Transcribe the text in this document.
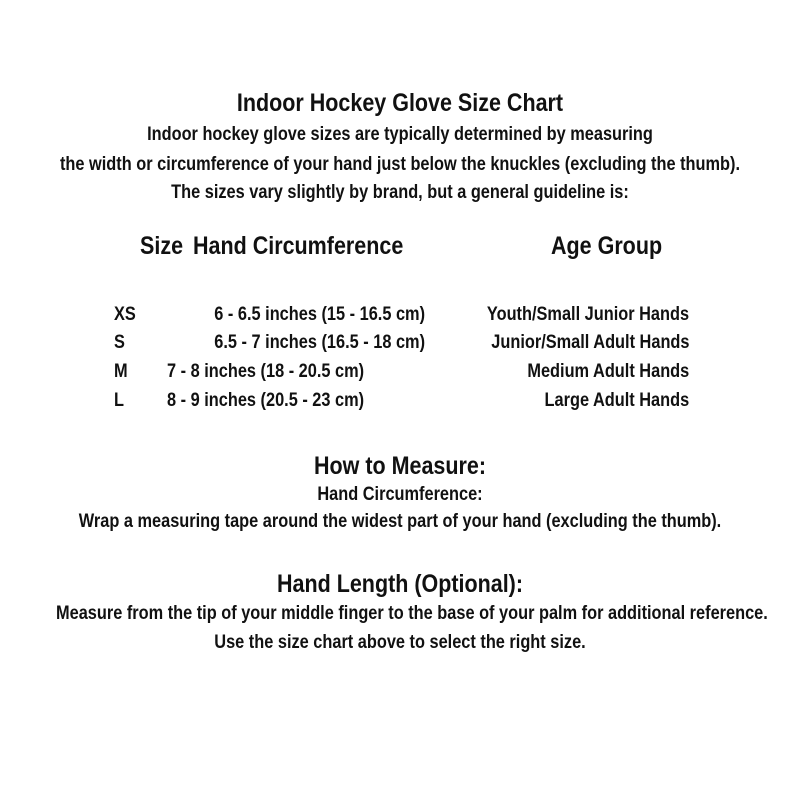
Indoor Hockey Glove Size Chart
Indoor hockey glove sizes are typically determined by measuring
the width or circumference of your hand just below the knuckles (excluding the thumb).
The sizes vary slightly by brand, but a general guideline is:
Size Hand Circumference	Age Group
XS	6 - 6.5 inches (15 - 16.5 cm)	Youth/Small Junior Hands
S	6.5 - 7 inches (16.5 - 18 cm)	Junior/Small Adult Hands
M 7 - 8 inches (18 - 20.5 cm)	Medium Adult Hands
L 8 - 9 inches (20.5 - 23 cm)	Large Adult Hands
How to Measure:
Hand Circumference:
Wrap a measuring tape around the widest part of your hand (excluding the thumb).
Hand Length (Optional):
Measure from the tip of your middle finger to the base of your palm for additional reference.
Use the size chart above to select the right size.
